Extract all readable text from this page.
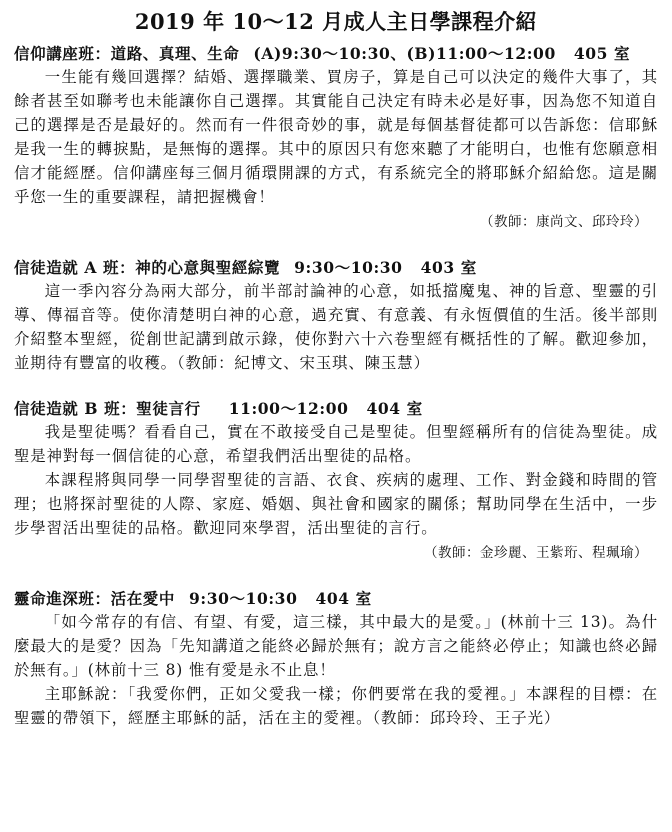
2019 年 10～12 月成人主日學課程介紹
信仰講座班：道路、真理、生命 (A)9:30～10:30、(B)11:00～12:00 405 室

一生能有幾回選擇？結婚、選擇職業、買房子，算是自己可以決定的幾件大事了，其餘者甚至如聯考也未能讓你自己選擇。其實能自己決定有時未必是好事，因為您不知道自己的選擇是否是最好的。然而有一件很奇妙的事，就是每個基督徒都可以告訴您：信耶穌是我一生的轉捩點，是無悔的選擇。其中的原因只有您來聽了才能明白，也惟有您願意相信才能經歷。信仰講座每三個月循環開課的方式，有系統完全的將耶穌介紹給您。這是關乎您一生的重要課程，請把握機會！

（教師：康尚文、邱玲玲）

信徒造就 A 班：神的心意與聖經綜覽 9:30～10:30 403 室

這一季內容分為兩大部分，前半部討論神的心意，如抵擋魔鬼、神的旨意、聖靈的引導、傳福音等。使你清楚明白神的心意，過充實、有意義、有永恆價值的生活。後半部則介紹整本聖經，從創世記講到啟示錄，使你對六十六卷聖經有概括性的了解。歡迎參加，並期待有豐富的收穫。（教師：紀博文、宋玉琪、陳玉慧）

信徒造就 B 班：聖徒言行 11:00～12:00 404 室

我是聖徒嗎？看看自己，實在不敢接受自己是聖徒。但聖經稱所有的信徒為聖徒。成聖是神對每一個信徒的心意，希望我們活出聖徒的品格。

本課程將與同學一同學習聖徒的言語、衣食、疾病的處理、工作、對金錢和時間的管理；也將探討聖徒的人際、家庭、婚姻、與社會和國家的關係；幫助同學在生活中，一步步學習活出聖徒的品格。歡迎同來學習，活出聖徒的言行。

（教師：金珍麗、王紫珩、程珮瑜）

靈命進深班：活在愛中 9:30～10:30 404 室

「如今常存的有信、有望、有愛，這三樣，其中最大的是愛。」(林前十三 13)。為什麼最大的是愛？因為「先知講道之能終必歸於無有；說方言之能終必停止；知識也終必歸於無有。」(林前十三 8) 惟有愛是永不止息！

主耶穌說：「我愛你們，正如父愛我一樣；你們要常在我的愛裡。」本課程的目標：在聖靈的帶領下，經歷主耶穌的話，活在主的愛裡。（教師：邱玲玲、王子光）
